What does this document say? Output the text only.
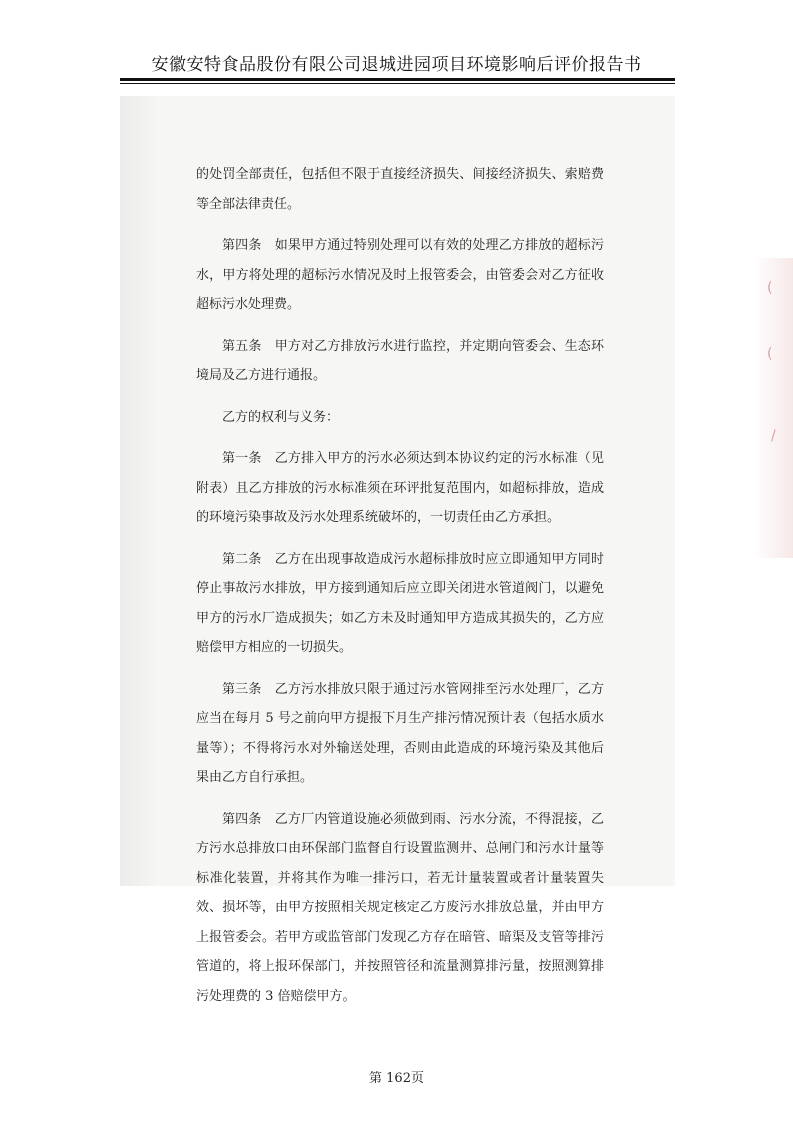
安徽安特食品股份有限公司退城进园项目环境影响后评价报告书
(
(
/

的处罚全部责任，包括但不限于直接经济损失、间接经济损失、索赔费等全部法律责任。

第四条　如果甲方通过特别处理可以有效的处理乙方排放的超标污水，甲方将处理的超标污水情况及时上报管委会，由管委会对乙方征收超标污水处理费。

第五条　甲方对乙方排放污水进行监控，并定期向管委会、生态环境局及乙方进行通报。

乙方的权利与义务：

第一条　乙方排入甲方的污水必须达到本协议约定的污水标准（见附表）且乙方排放的污水标准须在环评批复范围内，如超标排放，造成的环境污染事故及污水处理系统破坏的，一切责任由乙方承担。

第二条　乙方在出现事故造成污水超标排放时应立即通知甲方同时停止事故污水排放，甲方接到通知后应立即关闭进水管道阀门，以避免甲方的污水厂造成损失；如乙方未及时通知甲方造成其损失的，乙方应赔偿甲方相应的一切损失。

第三条　乙方污水排放只限于通过污水管网排至污水处理厂，乙方应当在每月 5 号之前向甲方提报下月生产排污情况预计表（包括水质水量等）；不得将污水对外输送处理，否则由此造成的环境污染及其他后果由乙方自行承担。

第四条　乙方厂内管道设施必须做到雨、污水分流，不得混接，乙方污水总排放口由环保部门监督自行设置监测井、总闸门和污水计量等标准化装置，并将其作为唯一排污口，若无计量装置或者计量装置失效、损坏等，由甲方按照相关规定核定乙方废污水排放总量，并由甲方上报管委会。若甲方或监管部门发现乙方存在暗管、暗渠及支管等排污管道的，将上报环保部门，并按照管径和流量测算排污量，按照测算排污处理费的 3 倍赔偿甲方。

第 162页
